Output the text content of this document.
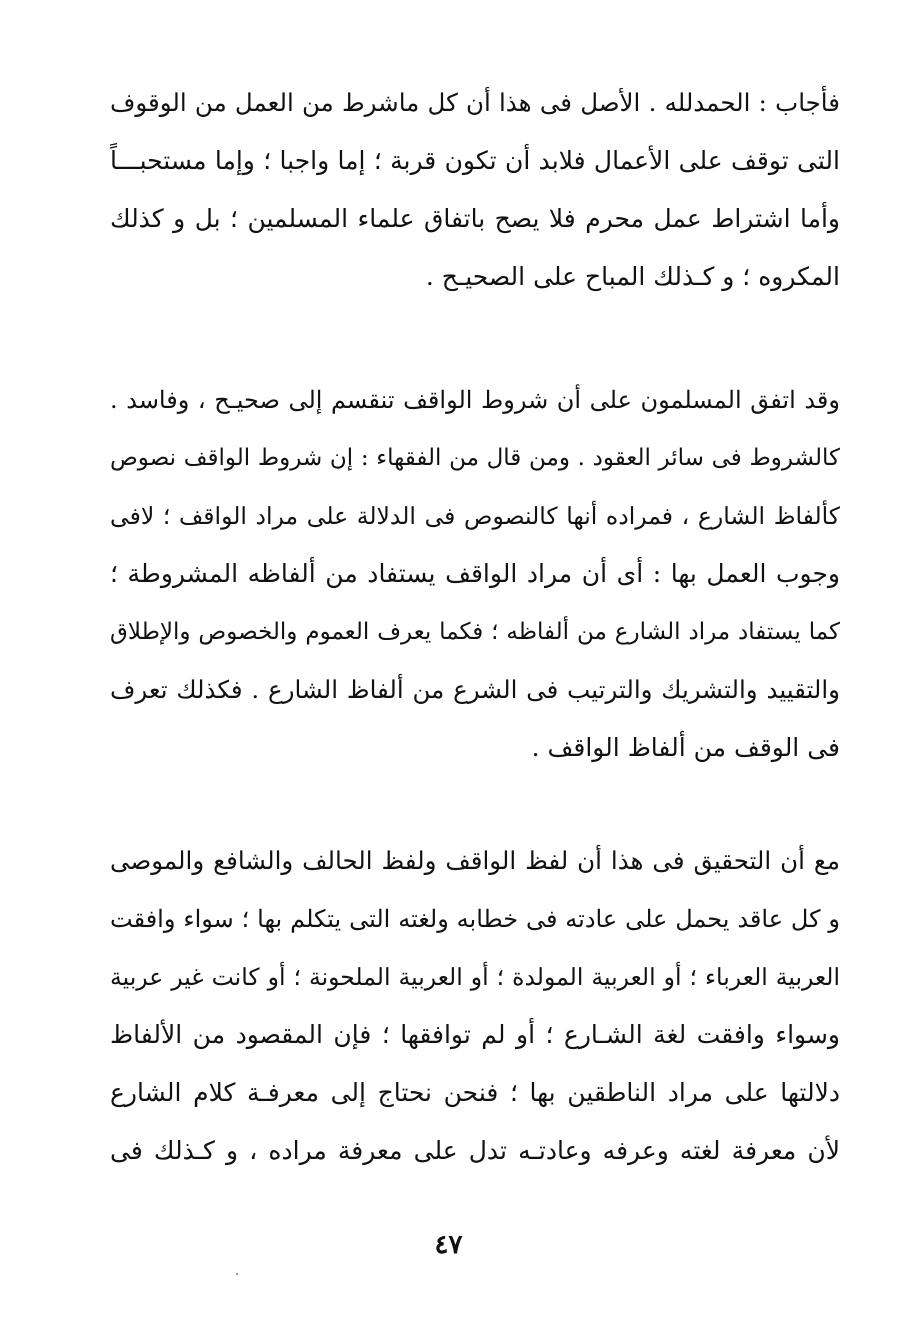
فأجاب : الحمدلله . الأصل فى هذا أن كل ماشرط من العمل من الوقوف
التى توقف على الأعمال فلابد أن تكون قربة ؛ إما واجبا ؛ وإما مستحبـــاً
وأما اشتراط عمل محرم فلا يصح باتفاق علماء المسلمين ؛ بل و كذلك
المكروه ؛ و كـذلك المباح على الصحيـح .
وقد اتفق المسلمون على أن شروط الواقف تنقسم إلى صحيـح ، وفاسد .
كالشروط فى سائر العقود . ومن قال من الفقهاء : إن شروط الواقف نصوص
كألفاظ الشارع ، فمراده أنها كالنصوص فى الدلالة على مراد الواقف ؛ لافى
وجوب العمل بها : أى أن مراد الواقف يستفاد من ألفاظه المشروطة ؛
كما يستفاد مراد الشارع من ألفاظه ؛ فكما يعرف العموم والخصوص والإطلاق
والتقييد والتشريك والترتيب فى الشرع من ألفاظ الشارع . فكذلك تعرف
فى الوقف من ألفاظ الواقف .
مع أن التحقيق فى هذا أن لفظ الواقف ولفظ الحالف والشافع والموصى
و كل عاقد يحمل على عادته فى خطابه ولغته التى يتكلم بها ؛ سواء وافقت
العربية العرباء ؛ أو العربية المولدة ؛ أو العربية الملحونة ؛ أو كانت غير عربية
وسواء وافقت لغة الشـارع ؛ أو لم توافقها ؛ فإن المقصود من الألفاظ
دلالتها على مراد الناطقين بها ؛ فنحن نحتاج إلى معرفـة كلام الشارع
لأن معرفة لغته وعرفه وعادتـه تدل على معرفة مراده ، و كـذلك فى
٤٧
